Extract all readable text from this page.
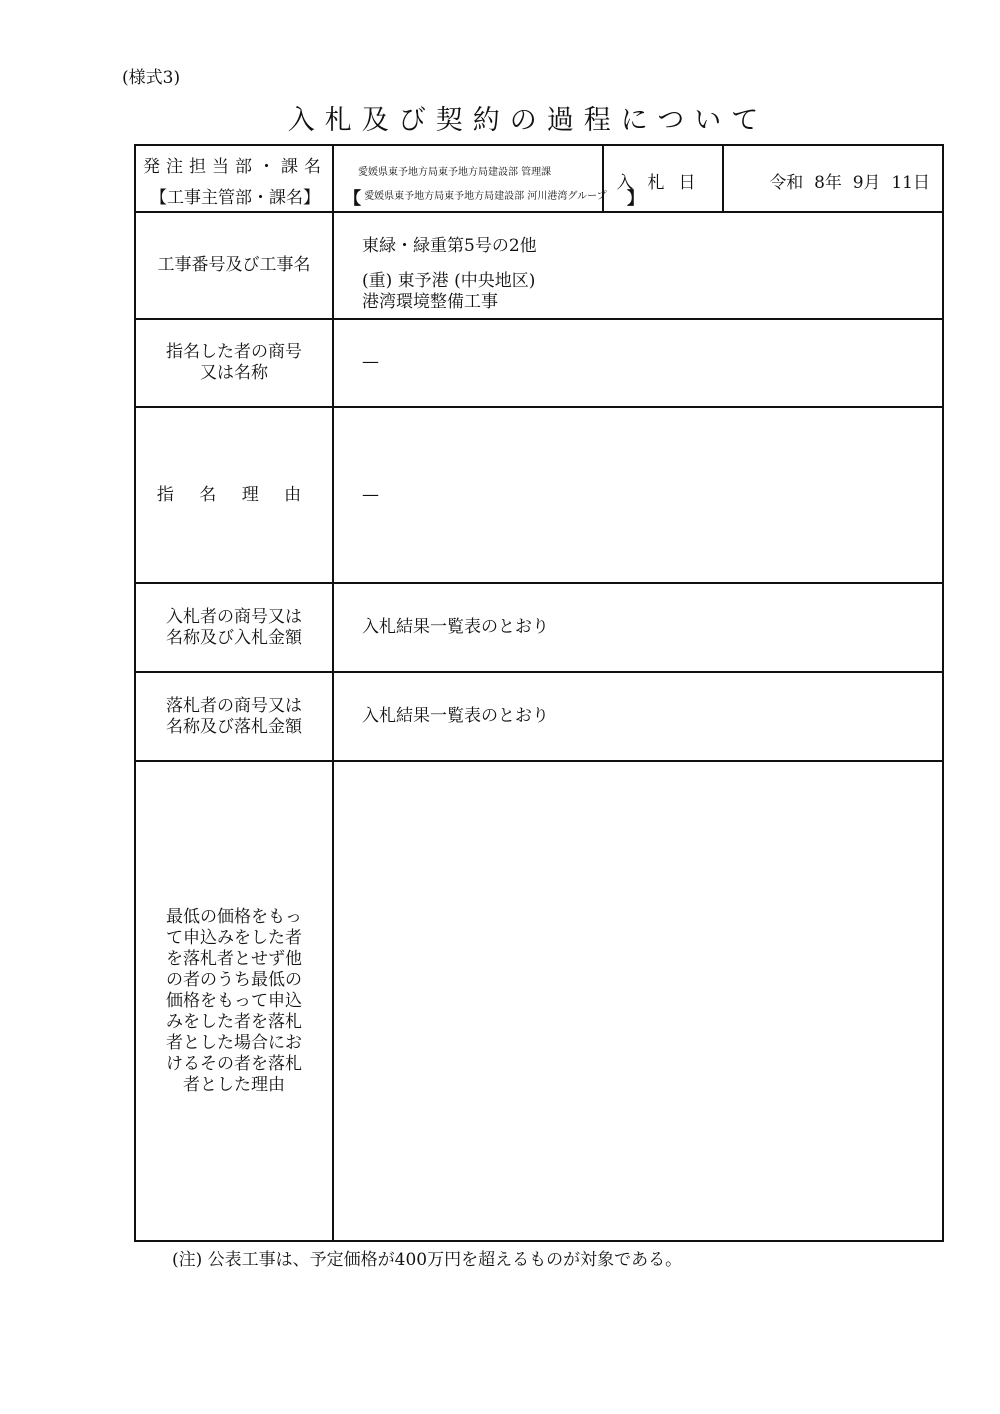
(様式3)
入札及び契約の過程について
発注担当部・課名
【工事主管部・課名】
愛媛県東予地方局東予地方局建設部 管理課
【 愛媛県東予地方局東予地方局建設部 河川港湾グループ 】
入札日	令和  8年  9月  11日
工事番号及び工事名
東緑・緑重第5号の2他
(重) 東予港 (中央地区)
港湾環境整備工事
指名した者の商号
又は名称
—
指 名 理 由	—
入札者の商号又は
名称及び入札金額
入札結果一覧表のとおり
落札者の商号又は
名称及び落札金額
入札結果一覧表のとおり
最低の価格をもっ
て申込みをした者
を落札者とせず他
の者のうち最低の
価格をもって申込
みをした者を落札
者とした場合にお
けるその者を落札
者とした理由
(注) 公表工事は、予定価格が400万円を超えるものが対象である。
